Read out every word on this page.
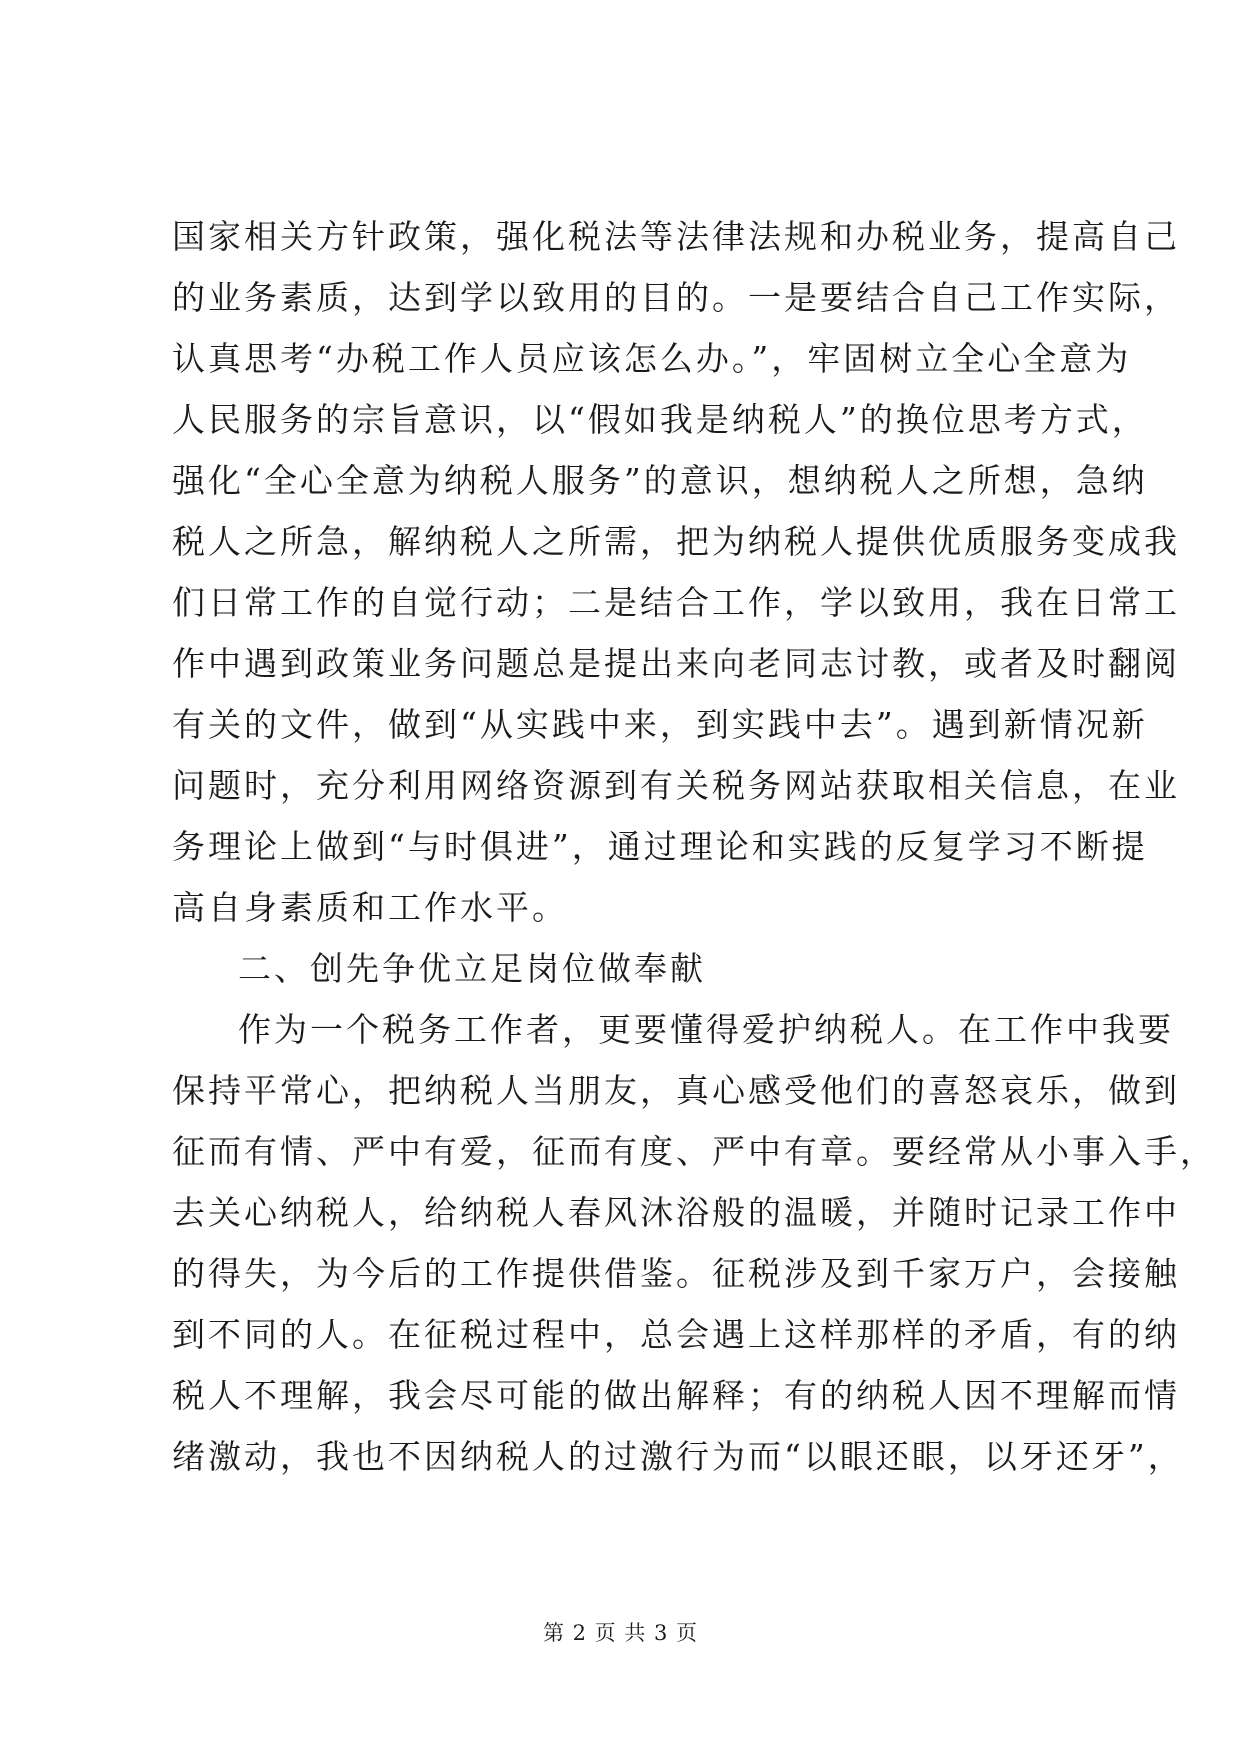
国家相关方针政策，强化税法等法律法规和办税业务，提高自己
的业务素质，达到学以致用的目的。一是要结合自己工作实际，
认真思考“办税工作人员应该怎么办。”，牢固树立全心全意为
人民服务的宗旨意识，以“假如我是纳税人”的换位思考方式，
强化“全心全意为纳税人服务”的意识，想纳税人之所想，急纳
税人之所急，解纳税人之所需，把为纳税人提供优质服务变成我
们日常工作的自觉行动；二是结合工作，学以致用，我在日常工
作中遇到政策业务问题总是提出来向老同志讨教，或者及时翻阅
有关的文件，做到“从实践中来，到实践中去”。遇到新情况新
问题时，充分利用网络资源到有关税务网站获取相关信息，在业
务理论上做到“与时俱进”，通过理论和实践的反复学习不断提
高自身素质和工作水平。
二、创先争优立足岗位做奉献
作为一个税务工作者，更要懂得爱护纳税人。在工作中我要
保持平常心，把纳税人当朋友，真心感受他们的喜怒哀乐，做到
征而有情、严中有爱，征而有度、严中有章。要经常从小事入手，
去关心纳税人，给纳税人春风沐浴般的温暖，并随时记录工作中
的得失，为今后的工作提供借鉴。征税涉及到千家万户，会接触
到不同的人。在征税过程中，总会遇上这样那样的矛盾，有的纳
税人不理解，我会尽可能的做出解释；有的纳税人因不理解而情
绪激动，我也不因纳税人的过激行为而“以眼还眼，以牙还牙”，
第 2 页 共 3 页
